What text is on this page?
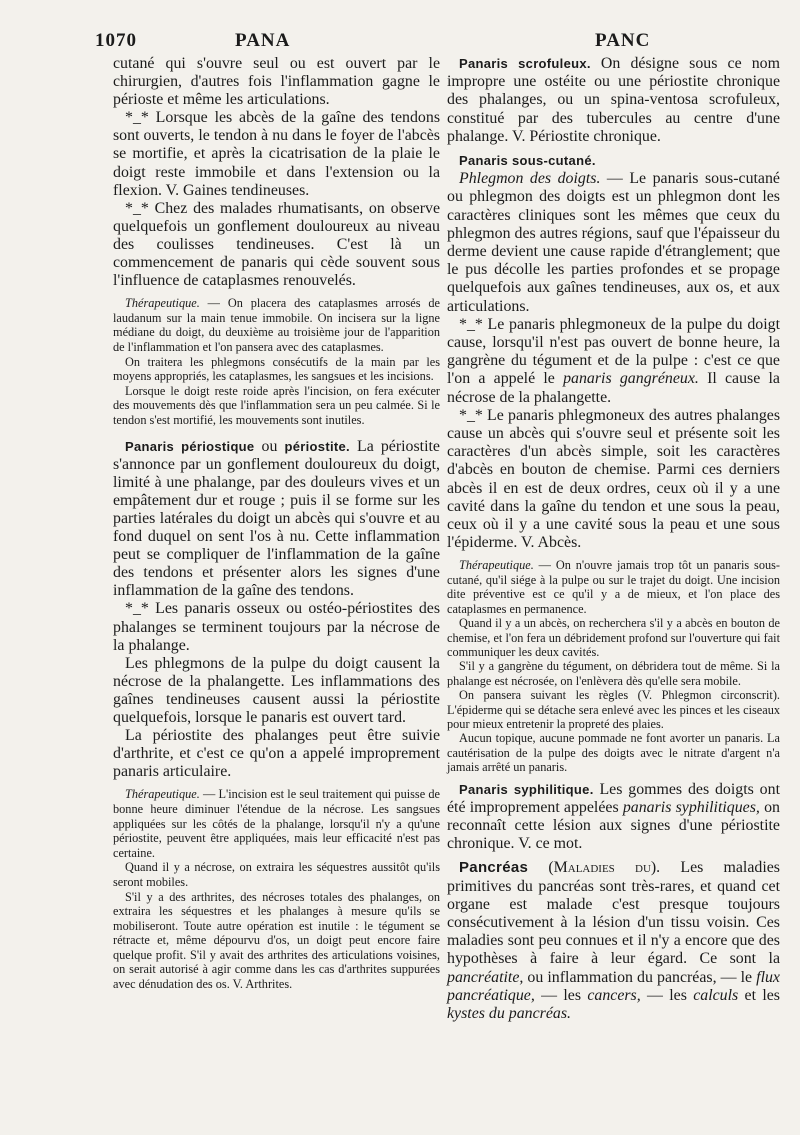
1070	PANA	PANC

cutané qui s'ouvre seul ou est ouvert par le chirurgien, d'autres fois l'inflammation gagne le périoste et même les articulations.

*_* Lorsque les abcès de la gaîne des tendons sont ouverts, le tendon à nu dans le foyer de l'abcès se mortifie, et après la cicatrisation de la plaie le doigt reste immobile et dans l'extension ou la flexion. V. Gaines tendineuses.

*_* Chez des malades rhumatisants, on observe quelquefois un gonflement douloureux au niveau des coulisses tendineuses. C'est là un commencement de panaris qui cède souvent sous l'influence de cataplasmes renouvelés.

Thérapeutique. — On placera des cataplasmes arrosés de laudanum sur la main tenue immobile. On incisera sur la ligne médiane du doigt, du deuxième au troisième jour de l'apparition de l'inflammation et l'on pansera avec des cataplasmes.

On traitera les phlegmons consécutifs de la main par les moyens appropriés, les cataplasmes, les sangsues et les incisions.

Lorsque le doigt reste roide après l'incision, on fera exécuter des mouvements dès que l'inflammation sera un peu calmée. Si le tendon s'est mortifié, les mouvements sont inutiles.

Panaris périostique ou périostite. La périostite s'annonce par un gonflement douloureux du doigt, limité à une phalange, par des douleurs vives et un empâtement dur et rouge ; puis il se forme sur les parties latérales du doigt un abcès qui s'ouvre et au fond duquel on sent l'os à nu. Cette inflammation peut se compliquer de l'inflammation de la gaîne des tendons et présenter alors les signes d'une inflammation de la gaîne des tendons.

*_* Les panaris osseux ou ostéo-périostites des phalanges se terminent toujours par la nécrose de la phalange.

Les phlegmons de la pulpe du doigt causent la nécrose de la phalangette. Les inflammations des gaînes tendineuses causent aussi la périostite quelquefois, lorsque le panaris est ouvert tard.

La périostite des phalanges peut être suivie d'arthrite, et c'est ce qu'on a appelé improprement panaris articulaire.

Thérapeutique. — L'incision est le seul traitement qui puisse de bonne heure diminuer l'étendue de la nécrose. Les sangsues appliquées sur les côtés de la phalange, lorsqu'il n'y a qu'une périostite, peuvent être appliquées, mais leur efficacité n'est pas certaine.

Quand il y a nécrose, on extraira les séquestres aussitôt qu'ils seront mobiles.

S'il y a des arthrites, des nécroses totales des phalanges, on extraira les séquestres et les phalanges à mesure qu'ils se mobiliseront. Toute autre opération est inutile : le tégument se rétracte et, même dépourvu d'os, un doigt peut encore faire quelque profit. S'il y avait des arthrites des articulations voisines, on serait autorisé à agir comme dans les cas d'arthrites suppurées avec dénudation des os. V. Arthrites.

Panaris scrofuleux. On désigne sous ce nom impropre une ostéite ou une périostite chronique des phalanges, ou un spina-ventosa scrofuleux, constitué par des tubercules au centre d'une phalange. V. Périostite chronique.

Panaris sous-cutané.

Phlegmon des doigts. — Le panaris sous-cutané ou phlegmon des doigts est un phlegmon dont les caractères cliniques sont les mêmes que ceux du phlegmon des autres régions, sauf que l'épaisseur du derme devient une cause rapide d'étranglement; que le pus décolle les parties profondes et se propage quelquefois aux gaînes tendineuses, aux os, et aux articulations.

*_* Le panaris phlegmoneux de la pulpe du doigt cause, lorsqu'il n'est pas ouvert de bonne heure, la gangrène du tégument et de la pulpe : c'est ce que l'on a appelé le panaris gangréneux. Il cause la nécrose de la phalangette.

*_* Le panaris phlegmoneux des autres phalanges cause un abcès qui s'ouvre seul et présente soit les caractères d'un abcès simple, soit les caractères d'abcès en bouton de chemise. Parmi ces derniers abcès il en est de deux ordres, ceux où il y a une cavité dans la gaîne du tendon et une sous la peau, ceux où il y a une cavité sous la peau et une sous l'épiderme. V. Abcès.

Thérapeutique. — On n'ouvre jamais trop tôt un panaris sous-cutané, qu'il siége à la pulpe ou sur le trajet du doigt. Une incision dite préventive est ce qu'il y a de mieux, et l'on place des cataplasmes en permanence.

Quand il y a un abcès, on recherchera s'il y a abcès en bouton de chemise, et l'on fera un débridement profond sur l'ouverture qui fait communiquer les deux cavités.

S'il y a gangrène du tégument, on débridera tout de même. Si la phalange est nécrosée, on l'enlèvera dès qu'elle sera mobile.

On pansera suivant les règles (V. Phlegmon circonscrit). L'épiderme qui se détache sera enlevé avec les pinces et les ciseaux pour mieux entretenir la propreté des plaies.

Aucun topique, aucune pommade ne font avorter un panaris. La cautérisation de la pulpe des doigts avec le nitrate d'argent n'a jamais arrêté un panaris.

Panaris syphilitique. Les gommes des doigts ont été improprement appelées panaris syphilitiques, on reconnaît cette lésion aux signes d'une périostite chronique. V. ce mot.

Pancréas (Maladies du). Les maladies primitives du pancréas sont très-rares, et quand cet organe est malade c'est presque toujours consécutivement à la lésion d'un tissu voisin. Ces maladies sont peu connues et il n'y a encore que des hypothèses à faire à leur égard. Ce sont la pancréatite, ou inflammation du pancréas, — le flux pancréatique, — les cancers, — les calculs et les kystes du pancréas.
